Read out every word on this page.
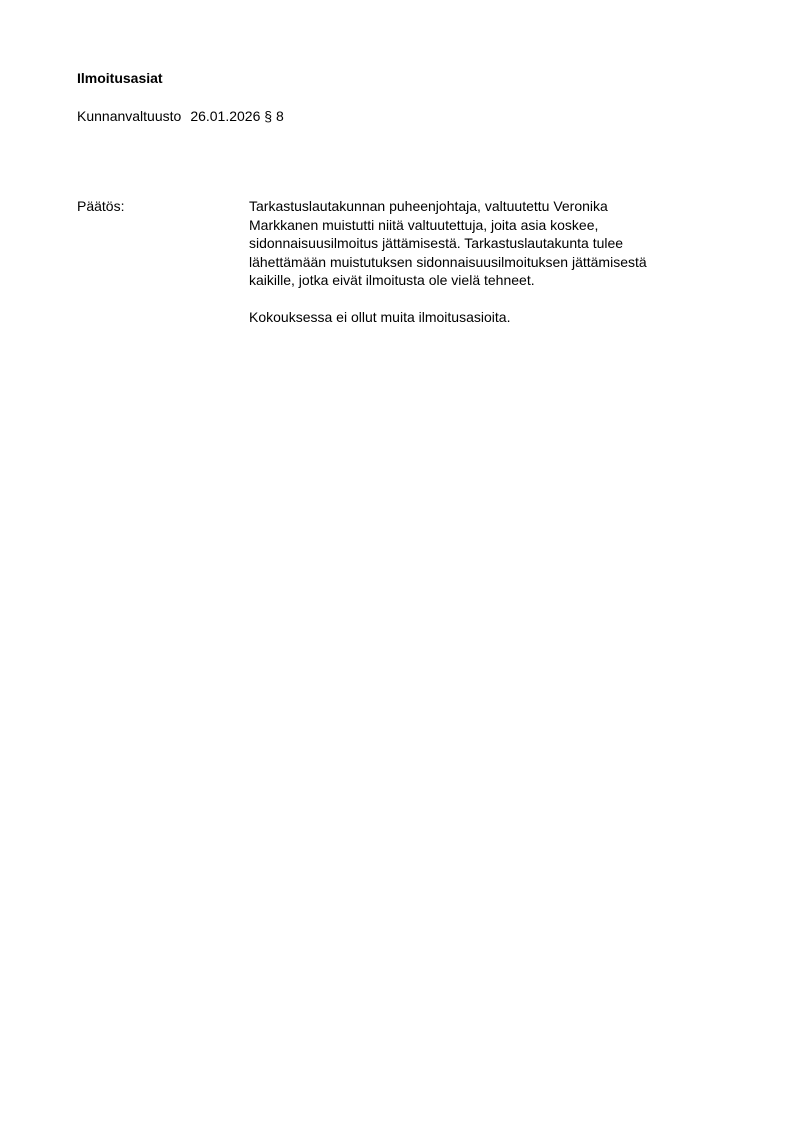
Ilmoitusasiat
Kunnanvaltuusto 26.01.2026 § 8
Päätös:	Tarkastuslautakunnan puheenjohtaja, valtuutettu Veronika
Markkanen muistutti niitä valtuutettuja, joita asia koskee,
sidonnaisuusilmoitus jättämisestä. Tarkastuslautakunta tulee
lähettämään muistutuksen sidonnaisuusilmoituksen jättämisestä
kaikille, jotka eivät ilmoitusta ole vielä tehneet.
Kokouksessa ei ollut muita ilmoitusasioita.
